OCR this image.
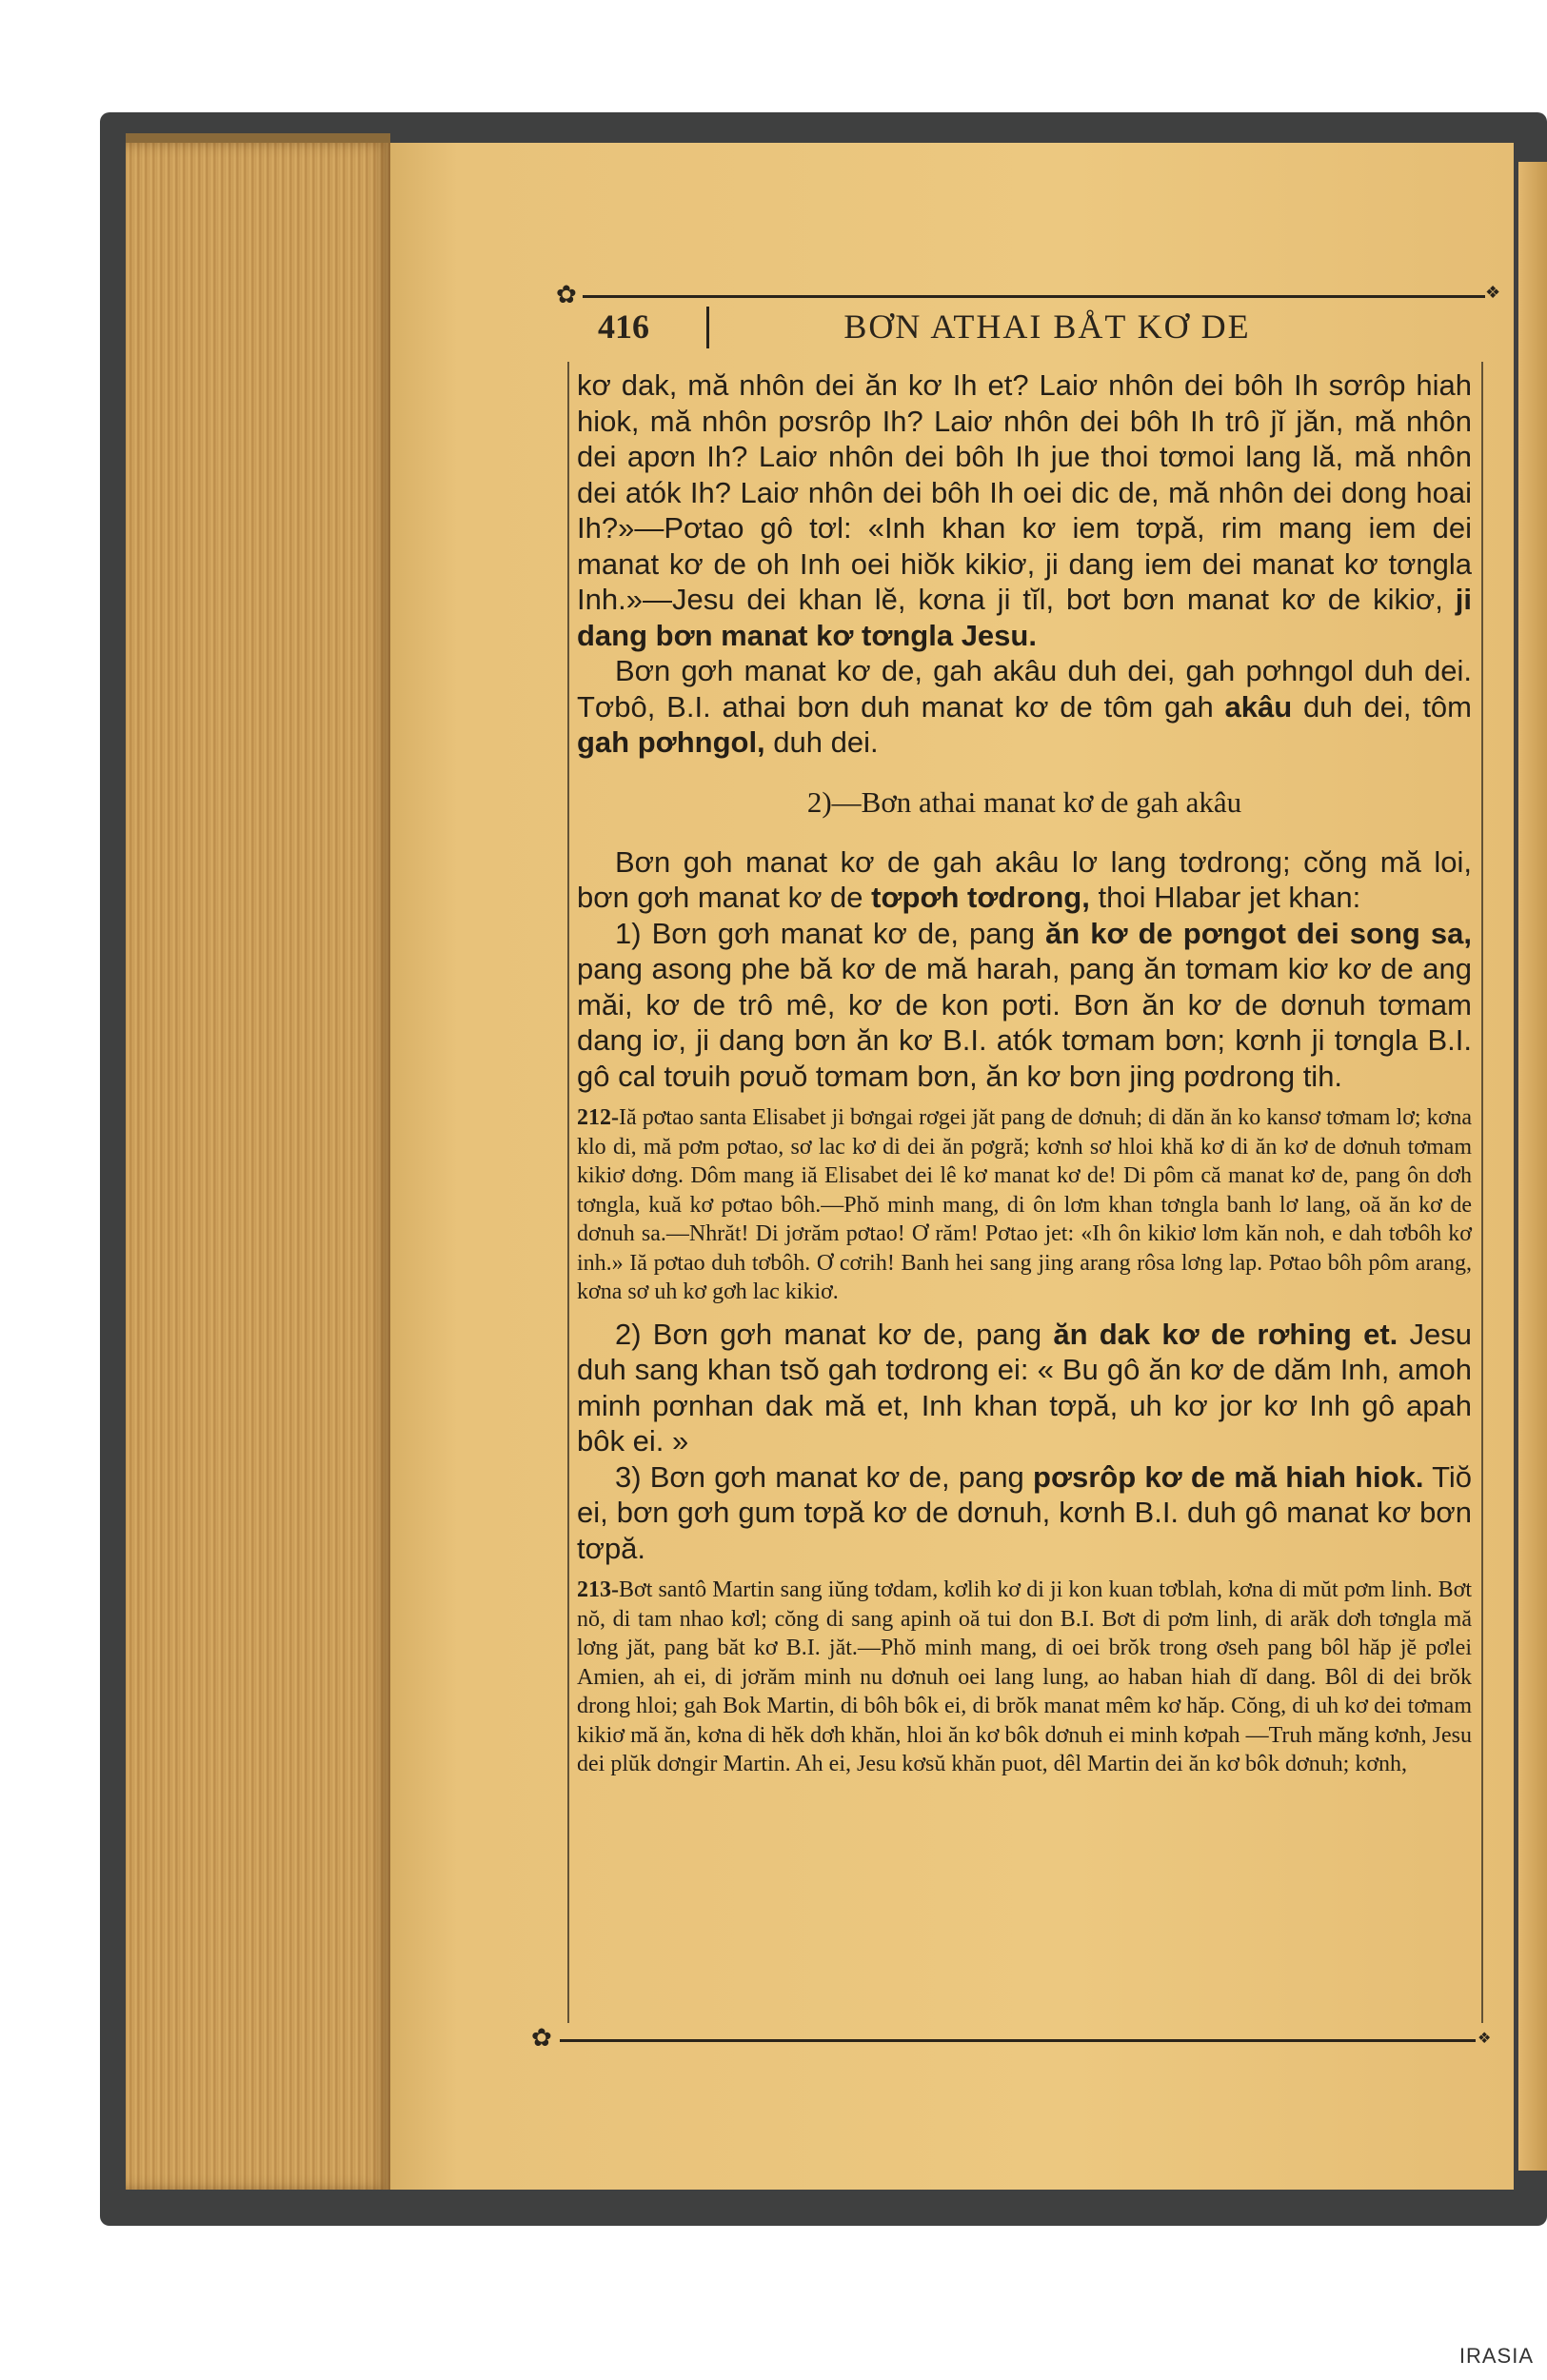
✿	❖
416	BƠN ATHAI BÅT KƠ DE

kơ dak, mă nhôn dei ăn kơ Ih et? Laiơ nhôn dei bôh Ih sơrôp hiah hiok, mă nhôn pơsrôp Ih? Laiơ nhôn dei bôh Ih trô jĭ jăn, mă nhôn dei apơn Ih? Laiơ nhôn dei bôh Ih jue thoi tơmoi lang lă, mă nhôn dei atók Ih? Laiơ nhôn dei bôh Ih oei dic de, mă nhôn dei dong hoai Ih?»—Pơtao gô tơl: «Inh khan kơ iem tơpă, rim mang iem dei manat kơ de oh Inh oei hiŏk kikiơ, ji dang iem dei manat kơ tơngla Inh.»—Jesu dei khan lĕ, kơna ji tĭl, bơt bơn manat kơ de kikiơ, ji dang bơn manat kơ tơngla Jesu.

Bơn gơh manat kơ de, gah akâu duh dei, gah pơhngol duh dei. Tơbô, B.I. athai bơn duh manat kơ de tôm gah akâu duh dei, tôm gah pơhngol, duh dei.

2)—Bơn athai manat kơ de gah akâu

Bơn goh manat kơ de gah akâu lơ lang tơdrong; cŏng mă loi, bơn gơh manat kơ de tơpơh tơdrong, thoi Hlabar jet khan:

1) Bơn gơh manat kơ de, pang ăn kơ de pơngot dei song sa, pang asong phe bă kơ de mă harah, pang ăn tơmam kiơ kơ de ang măi, kơ de trô mê, kơ de kon pơti. Bơn ăn kơ de dơnuh tơmam dang iơ, ji dang bơn ăn kơ B.I. atók tơmam bơn; kơnh ji tơngla B.I. gô cal tơuih pơuŏ tơmam bơn, ăn kơ bơn jing pơdrong tih.

212-Iă pơtao santa Elisabet ji bơngai rơgei jăt pang de dơnuh; di dăn ăn ko kansơ tơmam lơ; kơna klo di, mă pơm pơtao, sơ lac kơ di dei ăn pơgră; kơnh sơ hloi khă kơ di ăn kơ de dơnuh tơmam kikiơ dơng. Dôm mang iă Elisabet dei lê kơ manat kơ de! Di pôm că manat kơ de, pang ôn dơh tơngla, kuă kơ pơtao bôh.—Phŏ minh mang, di ôn lơm khan tơngla banh lơ lang, oă ăn kơ de dơnuh sa.—Nhrăt! Di jơrăm pơtao! Ơ răm! Pơtao jet: «Ih ôn kikiơ lơm kăn noh, e dah tơbôh kơ inh.» Iă pơtao duh tơbôh. Ơ cơrih! Banh hei sang jing arang rôsa lơng lap. Pơtao bôh pôm arang, kơna sơ uh kơ gơh lac kikiơ.

2) Bơn gơh manat kơ de, pang ăn dak kơ de rơhing et. Jesu duh sang khan tsŏ gah tơdrong ei: « Bu gô ăn kơ de dăm Inh, amoh minh pơnhan dak mă et, Inh khan tơpă, uh kơ jor kơ Inh gô apah bôk ei. »

3) Bơn gơh manat kơ de, pang pơsrôp kơ de mă hiah hiok. Tiŏ ei, bơn gơh gum tơpă kơ de dơnuh, kơnh B.I. duh gô manat kơ bơn tơpă.

213-Bơt santô Martin sang iŭng tơdam, kơlih kơ di ji kon kuan tơblah, kơna di mŭt pơm linh. Bơt nŏ, di tam nhao kơl; cŏng di sang apinh oă tui don B.I. Bơt di pơm linh, di arăk dơh tơngla mă lơng jăt, pang băt kơ B.I. jăt.—Phŏ minh mang, di oei brŏk trong ơseh pang bôl hăp jĕ pơlei Amien, ah ei, di jơrăm minh nu dơnuh oei lang lung, ao haban hiah dĭ dang. Bôl di dei brŏk drong hloi; gah Bok Martin, di bôh bôk ei, di brŏk manat mêm kơ hăp. Cŏng, di uh kơ dei tơmam kikiơ mă ăn, kơna di hĕk dơh khăn, hloi ăn kơ bôk dơnuh ei minh kơpah —Truh măng kơnh, Jesu dei plŭk dơngir Martin. Ah ei, Jesu kơsŭ khăn puot, dêl Martin dei ăn kơ bôk dơnuh; kơnh,

✿	❖
IRASIA
